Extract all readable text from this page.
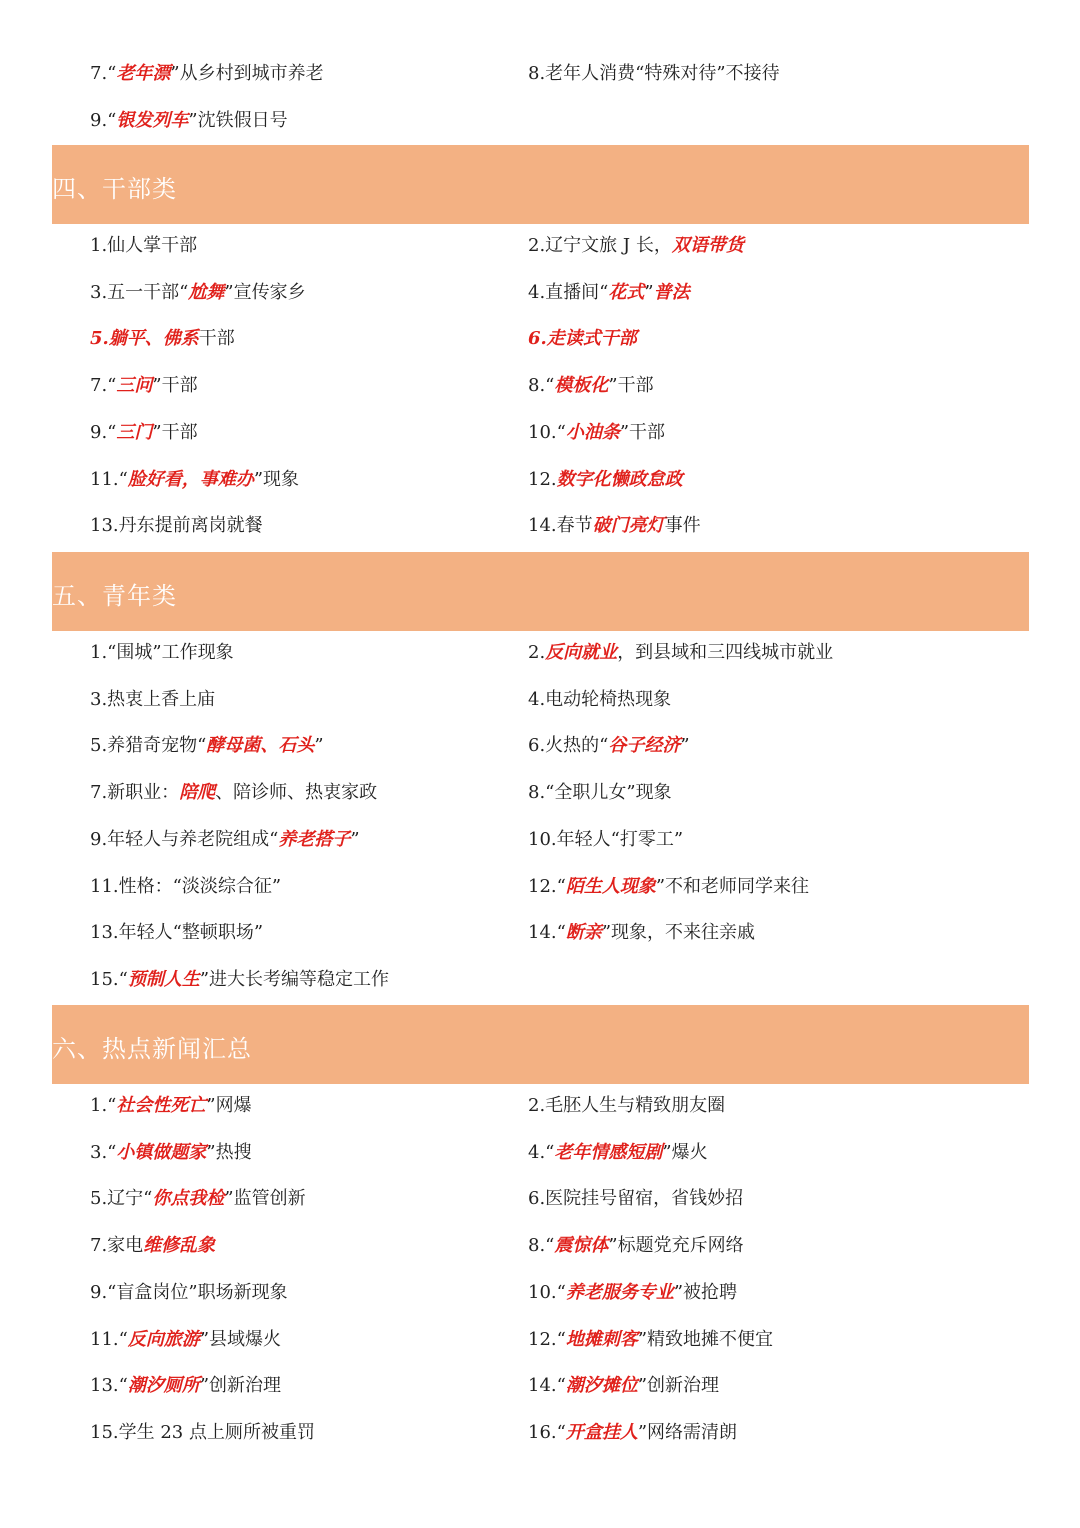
7.“老年漂”从乡村到城市养老	8.老年人消费“特殊对待”不接待
9.“银发列车”沈铁假日号
四、干部类
1.仙人掌干部	2.辽宁文旅 J 长，双语带货
3.五一干部“尬舞”宣传家乡	4.直播间“花式”普法
5.躺平、佛系干部	6.走读式干部
7.“三问”干部	8.“模板化”干部
9.“三门”干部	10.“小油条”干部
11.“脸好看，事难办”现象	12.数字化懒政怠政
13.丹东提前离岗就餐	14.春节破门亮灯事件
五、青年类
1.“围城”工作现象	2.反向就业，到县域和三四线城市就业
3.热衷上香上庙	4.电动轮椅热现象
5.养猎奇宠物“酵母菌、石头”	6.火热的“谷子经济”
7.新职业：陪爬、陪诊师、热衷家政	8.“全职儿女”现象
9.年轻人与养老院组成“养老搭子”	10.年轻人“打零工”
11.性格：“淡淡综合征”	12.“陌生人现象”不和老师同学来往
13.年轻人“整顿职场”	14.“断亲”现象，不来往亲戚
15.“预制人生”进大长考编等稳定工作
六、热点新闻汇总
1.“社会性死亡”网爆	2.毛胚人生与精致朋友圈
3.“小镇做题家”热搜	4.“老年情感短剧”爆火
5.辽宁“你点我检”监管创新	6.医院挂号留宿，省钱妙招
7.家电维修乱象	8.“震惊体”标题党充斥网络
9.“盲盒岗位”职场新现象	10.“养老服务专业”被抢聘
11.“反向旅游”县域爆火	12.“地摊刺客”精致地摊不便宜
13.“潮汐厕所”创新治理	14.“潮汐摊位”创新治理
15.学生 23 点上厕所被重罚	16.“开盒挂人”网络需清朗
